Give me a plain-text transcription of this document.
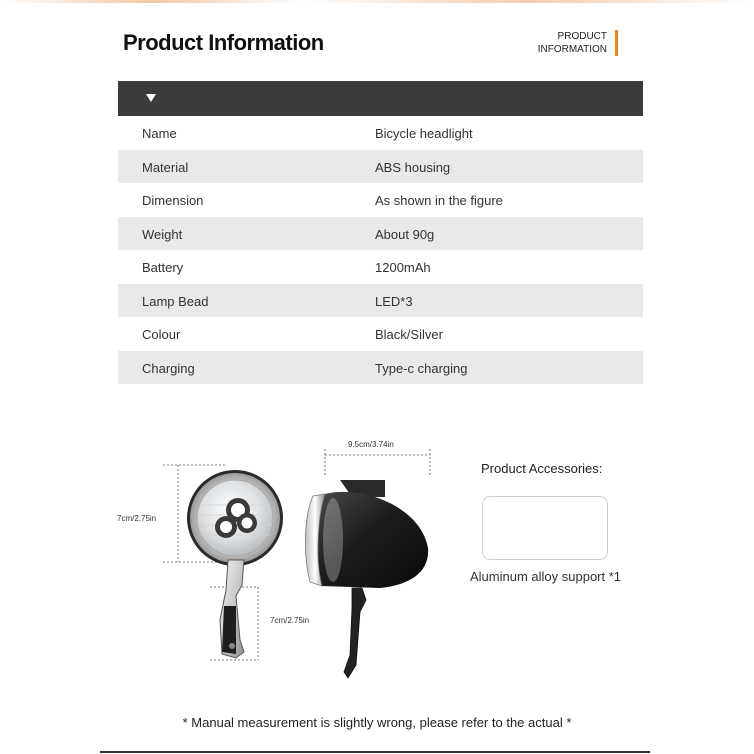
Product Information	PRODUCT
INFORMATION
Name	Bicycle headlight
Material	ABS housing
Dimension	As shown in the figure
Weight	About 90g
Battery	1200mAh
Lamp Bead	LED*3
Colour	Black/Silver
Charging	Type-c charging
9.5cm/3.74in
7cm/2.75in
7cm/2.75in
Product Accessories:
Aluminum alloy support *1
* Manual measurement is slightly wrong, please refer to the actual *
